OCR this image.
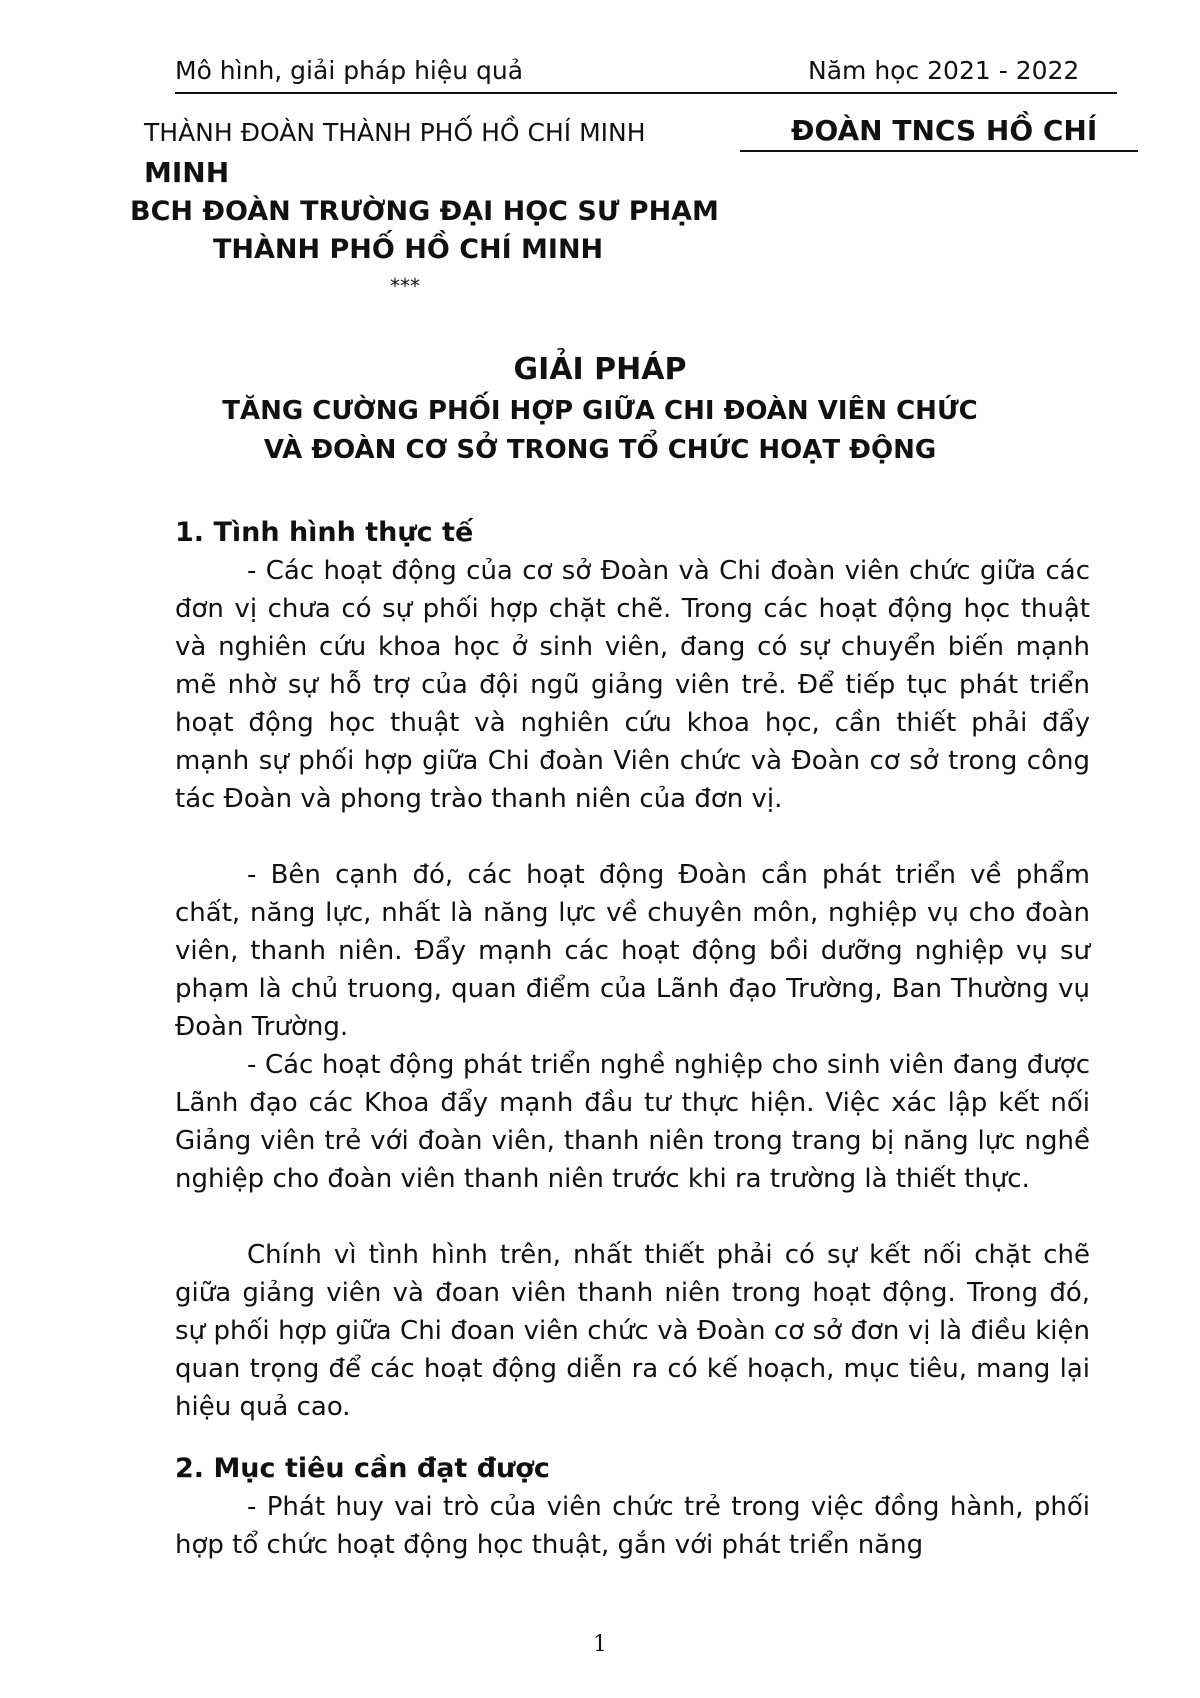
Mô hình, giải pháp hiệu quả	Năm học 2021 - 2022
THÀNH ĐOÀN THÀNH PHỐ HỒ CHÍ MINH	ĐOÀN TNCS HỒ CHÍ
MINH
BCH ĐOÀN TRƯỜNG ĐẠI HỌC SƯ PHẠM
THÀNH PHỐ HỒ CHÍ MINH
***
GIẢI PHÁP
TĂNG CƯỜNG PHỐI HỢP GIỮA CHI ĐOÀN VIÊN CHỨC
VÀ ĐOÀN CƠ SỞ TRONG TỔ CHỨC HOẠT ĐỘNG
1. Tình hình thực tế

- Các hoạt động của cơ sở Đoàn và Chi đoàn viên chức giữa các đơn vị chưa có sự phối hợp chặt chẽ. Trong các hoạt động học thuật và nghiên cứu khoa học ở sinh viên, đang có sự chuyển biến mạnh mẽ nhờ sự hỗ trợ của đội ngũ giảng viên trẻ. Để tiếp tục phát triển hoạt động học thuật và nghiên cứu khoa học, cần thiết phải đẩy mạnh sự phối hợp giữa Chi đoàn Viên chức và Đoàn cơ sở trong công tác Đoàn và phong trào thanh niên của đơn vị.

- Bên cạnh đó, các hoạt động Đoàn cần phát triển về phẩm chất, năng lực, nhất là năng lực về chuyên môn, nghiệp vụ cho đoàn viên, thanh niên. Đẩy mạnh các hoạt động bồi dưỡng nghiệp vụ sư phạm là chủ truong, quan điểm của Lãnh đạo Trường, Ban Thường vụ Đoàn Trường.

- Các hoạt động phát triển nghề nghiệp cho sinh viên đang được Lãnh đạo các Khoa đẩy mạnh đầu tư thực hiện. Việc xác lập kết nối Giảng viên trẻ với đoàn viên, thanh niên trong trang bị năng lực nghề nghiệp cho đoàn viên thanh niên trước khi ra trường là thiết thực.

Chính vì tình hình trên, nhất thiết phải có sự kết nối chặt chẽ giữa giảng viên và đoan viên thanh niên trong hoạt động. Trong đó, sự phối hợp giữa Chi đoan viên chức và Đoàn cơ sở đơn vị là điều kiện quan trọng để các hoạt động diễn ra có kế hoạch, mục tiêu, mang lại hiệu quả cao.

2. Mục tiêu cần đạt được

- Phát huy vai trò của viên chức trẻ trong việc đồng hành, phối hợp tổ chức hoạt động học thuật, gắn với phát triển năng

1
